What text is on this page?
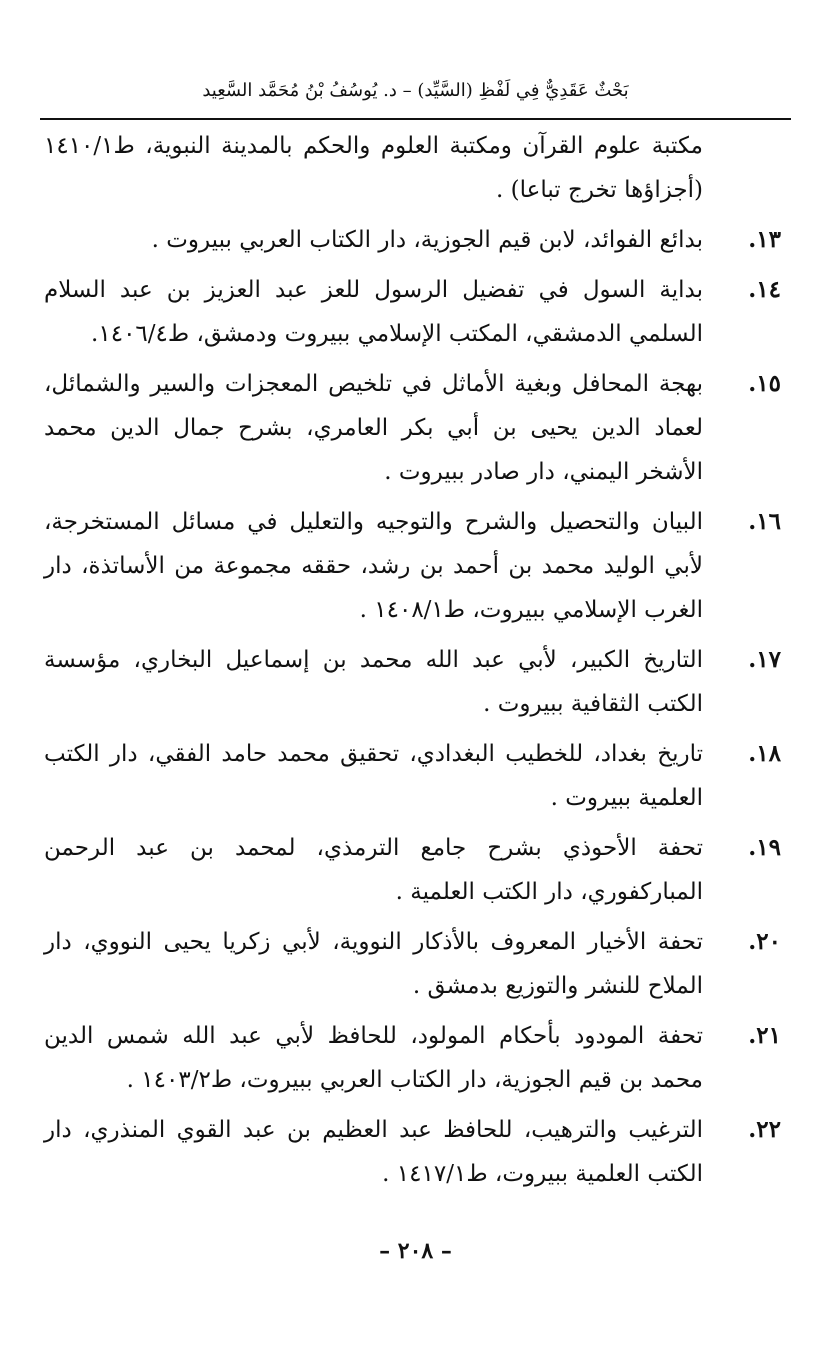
بَحْثٌ عَقَدِيٌّ فِي لَفْظِ (السَّيِّد) – د. يُوسُفُ بْنُ مُحَمَّد السَّعِيد
مكتبة علوم القرآن ومكتبة العلوم والحكم بالمدينة النبوية، ط١٤١٠/١ (أجزاؤها تخرج تباعا) .
١٣.
بدائع الفوائد، لابن قيم الجوزية، دار الكتاب العربي ببيروت .
١٤.
بداية السول في تفضيل الرسول للعز عبد العزيز بن عبد السلام السلمي الدمشقي، المكتب الإسلامي ببيروت ودمشق، ط١٤٠٦/٤.
١٥.
بهجة المحافل وبغية الأماثل في تلخيص المعجزات والسير والشمائل، لعماد الدين يحيى بن أبي بكر العامري، بشرح جمال الدين محمد الأشخر اليمني، دار صادر ببيروت .
١٦.
البيان والتحصيل والشرح والتوجيه والتعليل في مسائل المستخرجة، لأبي الوليد محمد بن أحمد بن رشد، حققه مجموعة من الأساتذة، دار الغرب الإسلامي ببيروت، ط١٤٠٨/١ .
١٧.
التاريخ الكبير، لأبي عبد الله محمد بن إسماعيل البخاري، مؤسسة الكتب الثقافية ببيروت .
١٨.
تاريخ بغداد، للخطيب البغدادي، تحقيق محمد حامد الفقي، دار الكتب العلمية ببيروت .
١٩.
تحفة الأحوذي بشرح جامع الترمذي، لمحمد بن عبد الرحمن المباركفوري، دار الكتب العلمية .
٢٠.
تحفة الأخيار المعروف بالأذكار النووية، لأبي زكريا يحيى النووي، دار الملاح للنشر والتوزيع بدمشق .
٢١.
تحفة المودود بأحكام المولود، للحافظ لأبي عبد الله شمس الدين محمد بن قيم الجوزية، دار الكتاب العربي ببيروت، ط١٤٠٣/٢ .
٢٢.
الترغيب والترهيب، للحافظ عبد العظيم بن عبد القوي المنذري، دار الكتب العلمية ببيروت، ط١٤١٧/١ .
– ٢٠٨ –
